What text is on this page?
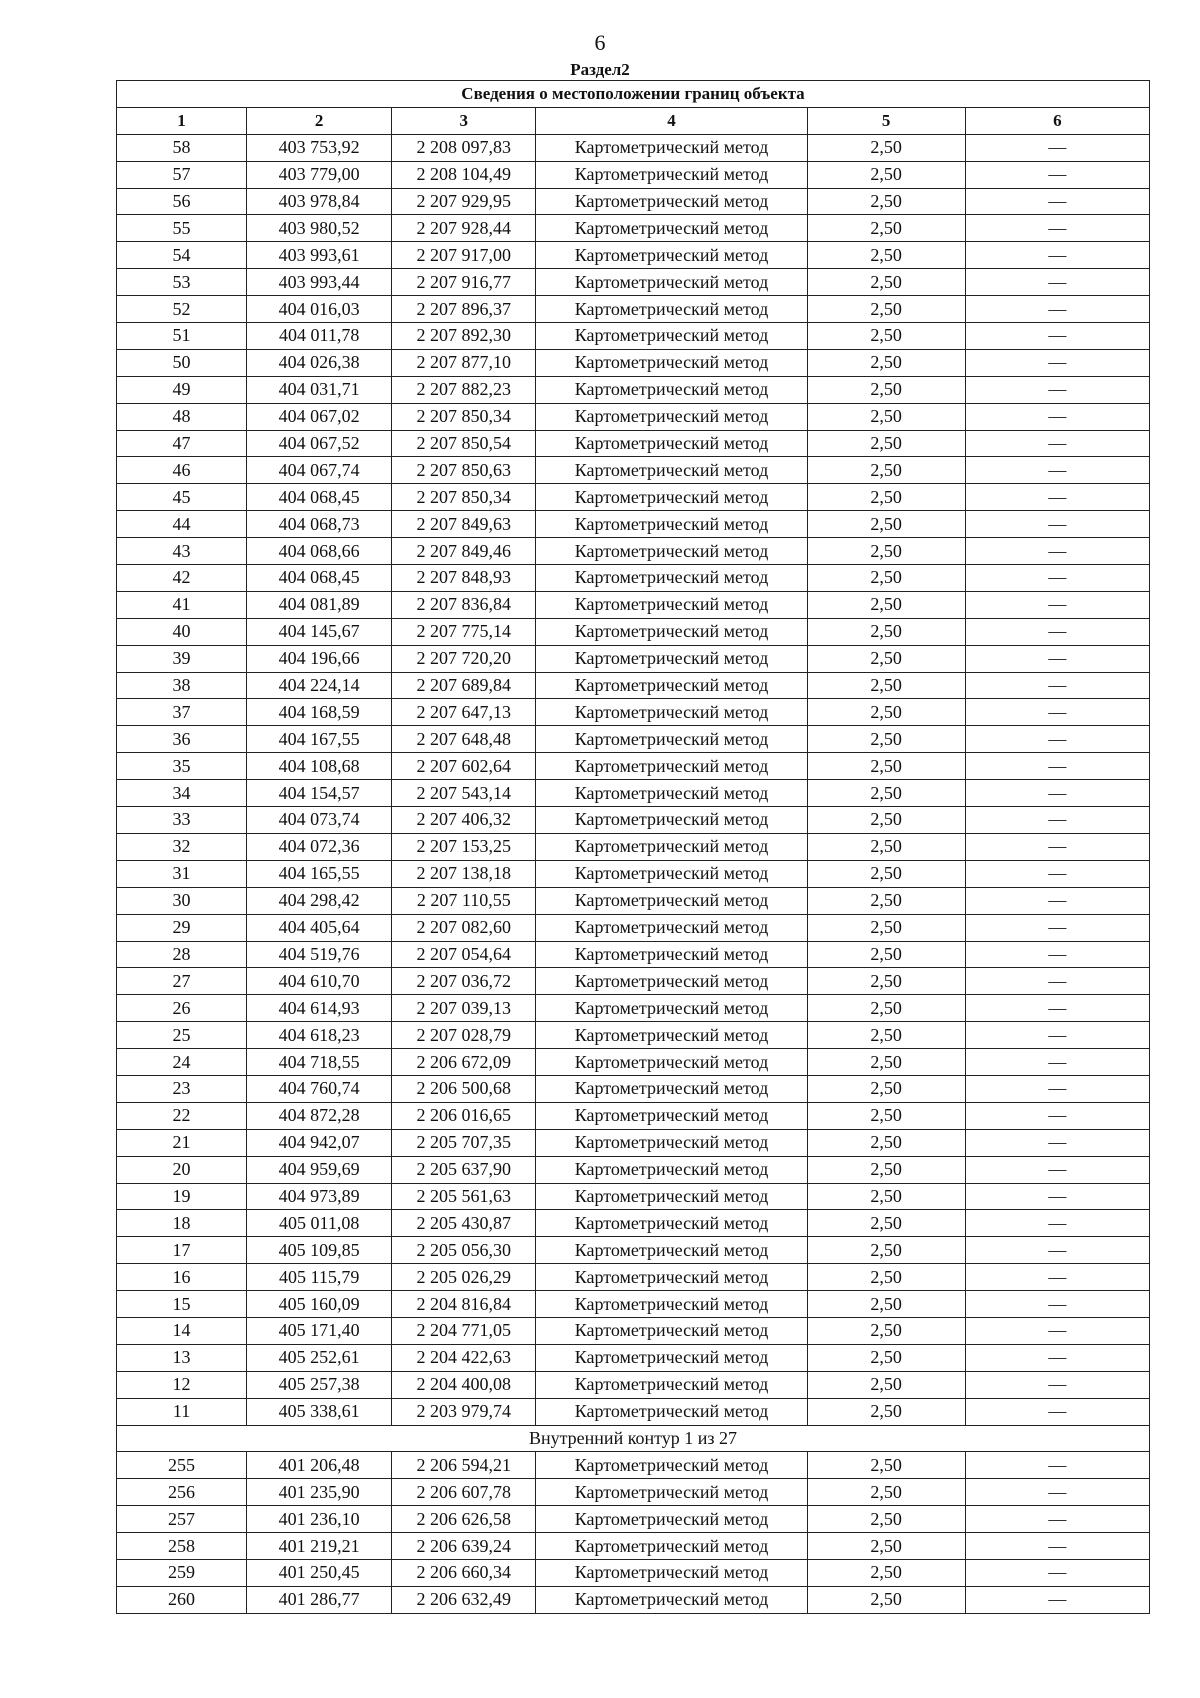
6
Раздел2
Сведения о местоположении границ объекта					
1	2	3	4	5	6
58	403 753,92	2 208 097,83	Картометрический метод	2,50	—
57	403 779,00	2 208 104,49	Картометрический метод	2,50	—
56	403 978,84	2 207 929,95	Картометрический метод	2,50	—
55	403 980,52	2 207 928,44	Картометрический метод	2,50	—
54	403 993,61	2 207 917,00	Картометрический метод	2,50	—
53	403 993,44	2 207 916,77	Картометрический метод	2,50	—
52	404 016,03	2 207 896,37	Картометрический метод	2,50	—
51	404 011,78	2 207 892,30	Картометрический метод	2,50	—
50	404 026,38	2 207 877,10	Картометрический метод	2,50	—
49	404 031,71	2 207 882,23	Картометрический метод	2,50	—
48	404 067,02	2 207 850,34	Картометрический метод	2,50	—
47	404 067,52	2 207 850,54	Картометрический метод	2,50	—
46	404 067,74	2 207 850,63	Картометрический метод	2,50	—
45	404 068,45	2 207 850,34	Картометрический метод	2,50	—
44	404 068,73	2 207 849,63	Картометрический метод	2,50	—
43	404 068,66	2 207 849,46	Картометрический метод	2,50	—
42	404 068,45	2 207 848,93	Картометрический метод	2,50	—
41	404 081,89	2 207 836,84	Картометрический метод	2,50	—
40	404 145,67	2 207 775,14	Картометрический метод	2,50	—
39	404 196,66	2 207 720,20	Картометрический метод	2,50	—
38	404 224,14	2 207 689,84	Картометрический метод	2,50	—
37	404 168,59	2 207 647,13	Картометрический метод	2,50	—
36	404 167,55	2 207 648,48	Картометрический метод	2,50	—
35	404 108,68	2 207 602,64	Картометрический метод	2,50	—
34	404 154,57	2 207 543,14	Картометрический метод	2,50	—
33	404 073,74	2 207 406,32	Картометрический метод	2,50	—
32	404 072,36	2 207 153,25	Картометрический метод	2,50	—
31	404 165,55	2 207 138,18	Картометрический метод	2,50	—
30	404 298,42	2 207 110,55	Картометрический метод	2,50	—
29	404 405,64	2 207 082,60	Картометрический метод	2,50	—
28	404 519,76	2 207 054,64	Картометрический метод	2,50	—
27	404 610,70	2 207 036,72	Картометрический метод	2,50	—
26	404 614,93	2 207 039,13	Картометрический метод	2,50	—
25	404 618,23	2 207 028,79	Картометрический метод	2,50	—
24	404 718,55	2 206 672,09	Картометрический метод	2,50	—
23	404 760,74	2 206 500,68	Картометрический метод	2,50	—
22	404 872,28	2 206 016,65	Картометрический метод	2,50	—
21	404 942,07	2 205 707,35	Картометрический метод	2,50	—
20	404 959,69	2 205 637,90	Картометрический метод	2,50	—
19	404 973,89	2 205 561,63	Картометрический метод	2,50	—
18	405 011,08	2 205 430,87	Картометрический метод	2,50	—
17	405 109,85	2 205 056,30	Картометрический метод	2,50	—
16	405 115,79	2 205 026,29	Картометрический метод	2,50	—
15	405 160,09	2 204 816,84	Картометрический метод	2,50	—
14	405 171,40	2 204 771,05	Картометрический метод	2,50	—
13	405 252,61	2 204 422,63	Картометрический метод	2,50	—
12	405 257,38	2 204 400,08	Картометрический метод	2,50	—
11	405 338,61	2 203 979,74	Картометрический метод	2,50	—
Внутренний контур 1 из 27					
255	401 206,48	2 206 594,21	Картометрический метод	2,50	—
256	401 235,90	2 206 607,78	Картометрический метод	2,50	—
257	401 236,10	2 206 626,58	Картометрический метод	2,50	—
258	401 219,21	2 206 639,24	Картометрический метод	2,50	—
259	401 250,45	2 206 660,34	Картометрический метод	2,50	—
260	401 286,77	2 206 632,49	Картометрический метод	2,50	—
